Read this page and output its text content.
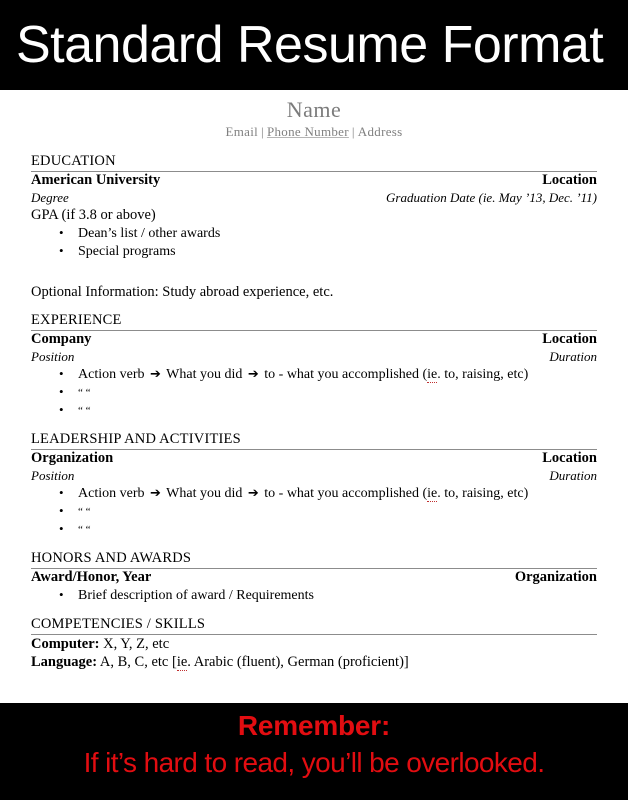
Standard Resume Format
Name
Email | Phone Number | Address
EDUCATION
American University	Location
Degree	Graduation Date (ie. May ’13, Dec. ’11)
GPA (if 3.8 or above)
• Dean’s list / other awards
• Special programs
Optional Information: Study abroad experience, etc.
EXPERIENCE
Company	Location
Position	Duration
• Action verb ➔ What you did ➔ to - what you accomplished (ie. to, raising, etc)
• “ “
• “ “
LEADERSHIP AND ACTIVITIES
Organization	Location
Position	Duration
• Action verb ➔ What you did ➔ to - what you accomplished (ie. to, raising, etc)
• “ “
• “ “
HONORS AND AWARDS
Award/Honor, Year	Organization
• Brief description of award / Requirements
COMPETENCIES / SKILLS
Computer: X, Y, Z, etc
Language: A, B, C, etc [ie. Arabic (fluent), German (proficient)]
Remember:
If it’s hard to read, you’ll be overlooked.
